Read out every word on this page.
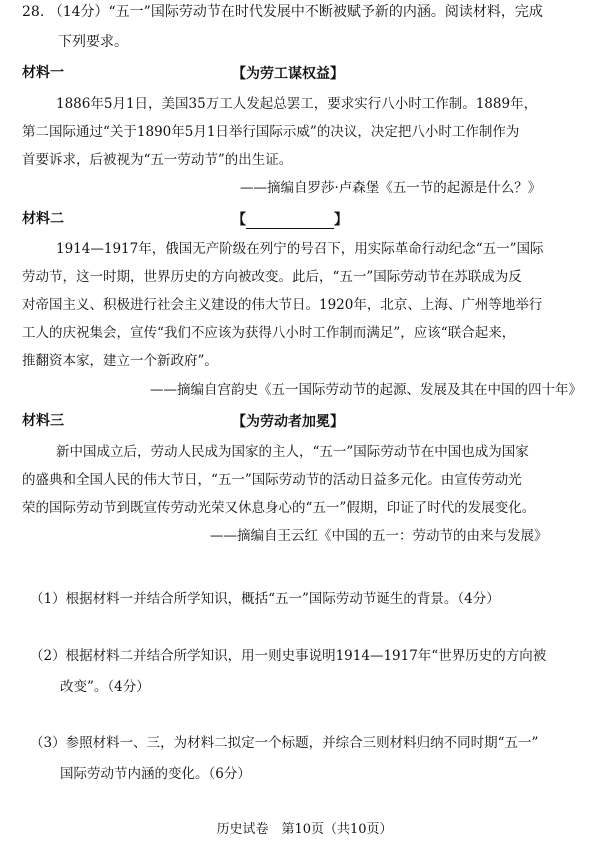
28. （14分）“五一”国际劳动节在时代发展中不断被赋予新的内涵。阅读材料，完成
下列要求。
材料一	【为劳工谋权益】
1886年5月1日，美国35万工人发起总罢工，要求实行八小时工作制。1889年，
第二国际通过“关于1890年5月1日举行国际示威”的决议，决定把八小时工作制作为
首要诉求，后被视为“五一劳动节”的出生证。
——摘编自罗莎·卢森堡《五一节的起源是什么？》
材料二	【	】
1914—1917年，俄国无产阶级在列宁的号召下，用实际革命行动纪念“五一”国际
劳动节，这一时期，世界历史的方向被改变。此后，“五一”国际劳动节在苏联成为反
对帝国主义、积极进行社会主义建设的伟大节日。1920年，北京、上海、广州等地举行
工人的庆祝集会，宣传“我们不应该为获得八小时工作制而满足”，应该“联合起来，
推翻资本家，建立一个新政府”。
——摘编自宫韵史《五一国际劳动节的起源、发展及其在中国的四十年》
材料三	【为劳动者加冕】
新中国成立后，劳动人民成为国家的主人，“五一”国际劳动节在中国也成为国家
的盛典和全国人民的伟大节日，“五一”国际劳动节的活动日益多元化。由宣传劳动光
荣的国际劳动节到既宣传劳动光荣又休息身心的“五一”假期，印证了时代的发展变化。
——摘编自王云红《中国的五一：劳动节的由来与发展》
（1）根据材料一并结合所学知识，概括“五一”国际劳动节诞生的背景。（4分）
（2）根据材料二并结合所学知识，用一则史事说明1914—1917年“世界历史的方向被
改变”。（4分）
（3）参照材料一、三，为材料二拟定一个标题，并综合三则材料归纳不同时期“五一”
国际劳动节内涵的变化。（6分）
历史试卷　第10页（共10页）
